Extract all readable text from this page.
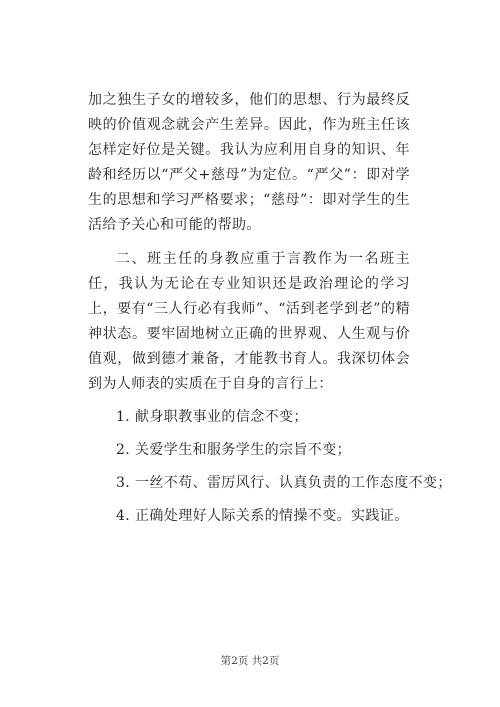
加之独生子女的增较多，他们的思想、行为最终反映的价值观念就会产生差异。因此，作为班主任该怎样定好位是关键。我认为应利用自身的知识、年龄和经历以“严父+慈母”为定位。“严父”：即对学生的思想和学习严格要求；“慈母”：即对学生的生活给予关心和可能的帮助。

二、班主任的身教应重于言教作为一名班主任，我认为无论在专业知识还是政治理论的学习上，要有“三人行必有我师”、“活到老学到老”的精神状态。要牢固地树立正确的世界观、人生观与价值观，做到德才兼备，才能教书育人。我深切体会到为人师表的实质在于自身的言行上：

1. 献身职教事业的信念不变；

2. 关爱学生和服务学生的宗旨不变；

3. 一丝不苟、雷厉风行、认真负责的工作态度不变；

4. 正确处理好人际关系的情操不变。实践证。

第2页 共2页
